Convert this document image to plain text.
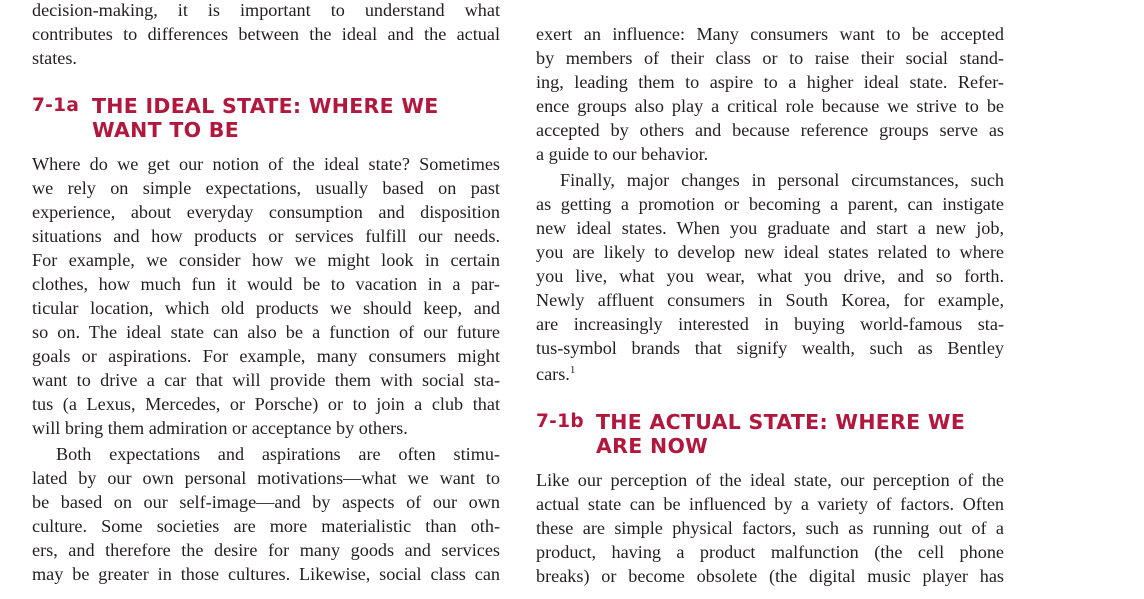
decision-making, it is important to understand what
contributes to differences between the ideal and the actual
states.
7-1a THE IDEAL STATE: WHERE WE
WANT TO BE
Where do we get our notion of the ideal state? Sometimes
we rely on simple expectations, usually based on past
experience, about everyday consumption and disposition
situations and how products or services fulfill our needs.
For example, we consider how we might look in certain
clothes, how much fun it would be to vacation in a par-
ticular location, which old products we should keep, and
so on. The ideal state can also be a function of our future
goals or aspirations. For example, many consumers might
want to drive a car that will provide them with social sta-
tus (a Lexus, Mercedes, or Porsche) or to join a club that
will bring them admiration or acceptance by others.
Both expectations and aspirations are often stimu-
lated by our own personal motivations—what we want to
be based on our self-image—and by aspects of our own
culture. Some societies are more materialistic than oth-
ers, and therefore the desire for many goods and services
may be greater in those cultures. Likewise, social class can
exert an influence: Many consumers want to be accepted
by members of their class or to raise their social stand-
ing, leading them to aspire to a higher ideal state. Refer-
ence groups also play a critical role because we strive to be
accepted by others and because reference groups serve as
a guide to our behavior.
Finally, major changes in personal circumstances, such
as getting a promotion or becoming a parent, can instigate
new ideal states. When you graduate and start a new job,
you are likely to develop new ideal states related to where
you live, what you wear, what you drive, and so forth.
Newly affluent consumers in South Korea, for example,
are increasingly interested in buying world-famous sta-
tus-symbol brands that signify wealth, such as Bentley
cars.$^1$
7-1b THE ACTUAL STATE: WHERE WE
ARE NOW
Like our perception of the ideal state, our perception of the
actual state can be influenced by a variety of factors. Often
these are simple physical factors, such as running out of a
product, having a product malfunction (the cell phone
breaks) or become obsolete (the digital music player has
